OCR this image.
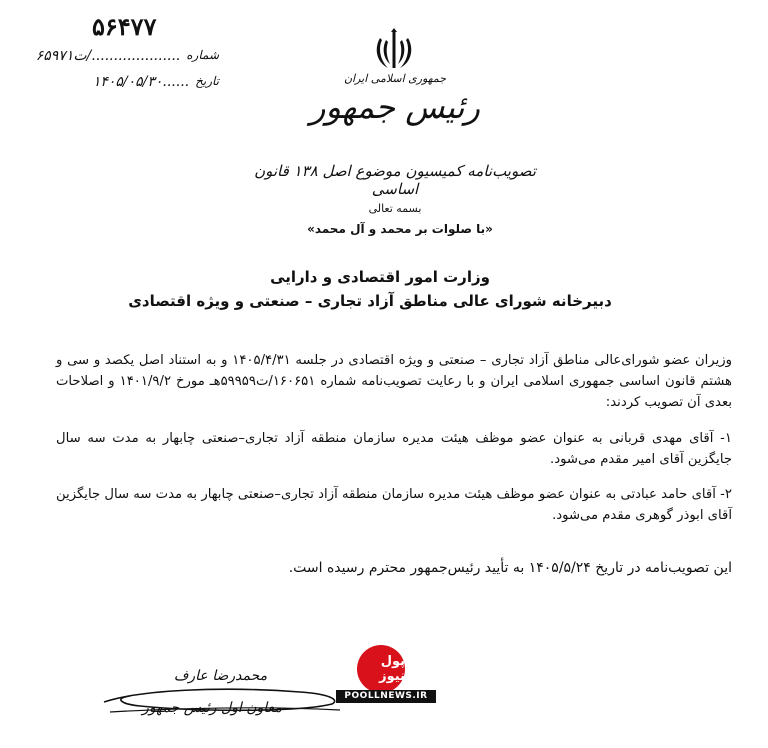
۵۶۴۷۷
شماره
۶۵۹۷۱ت/....................
تاریخ
۱۴۰۵/۰۵/۳۰......	جمهوری اسلامی ایران
رئیس جمهور
تصویب‌نامه کمیسیون موضوع اصل ۱۳۸ قانون اساسی
بسمه تعالی
«با صلوات بر محمد و آل محمد»
وزارت امور اقتصادی و دارایی
دبیرخانه شورای عالی مناطق آزاد تجاری – صنعتی و ویژه اقتصادی
وزیران عضو شورای‌عالی مناطق آزاد تجاری – صنعتی و ویژه اقتصادی در جلسه ۱۴۰۵/۴/۳۱ و به استناد اصل یکصد و سی و هشتم قانون اساسی جمهوری اسلامی ایران و با رعایت تصویب‌نامه شماره ۱۶۰۶۵۱/ت۵۹۹۵۹هـ مورخ ۱۴۰۱/۹/۲ و اصلاحات بعدی آن تصویب کردند:
۱- آقای مهدی قربانی به عنوان عضو موظف هیئت مدیره سازمان منطقه آزاد تجاری–صنعتی چابهار به مدت سه سال جایگزین آقای امیر مقدم می‌شود.
۲- آقای حامد عبادتی به عنوان عضو موظف هیئت مدیره سازمان منطقه آزاد تجاری–صنعتی چابهار به مدت سه سال جایگزین آقای ابوذر گوهری مقدم می‌شود.
این تصویب‌نامه در تاریخ ۱۴۰۵/۵/۲۴ به تأیید رئیس‌جمهور محترم رسیده است.
محمدرضا عارف
معاون اول رئیس جمهور
پول نیوز
POOLLNEWS.IR
